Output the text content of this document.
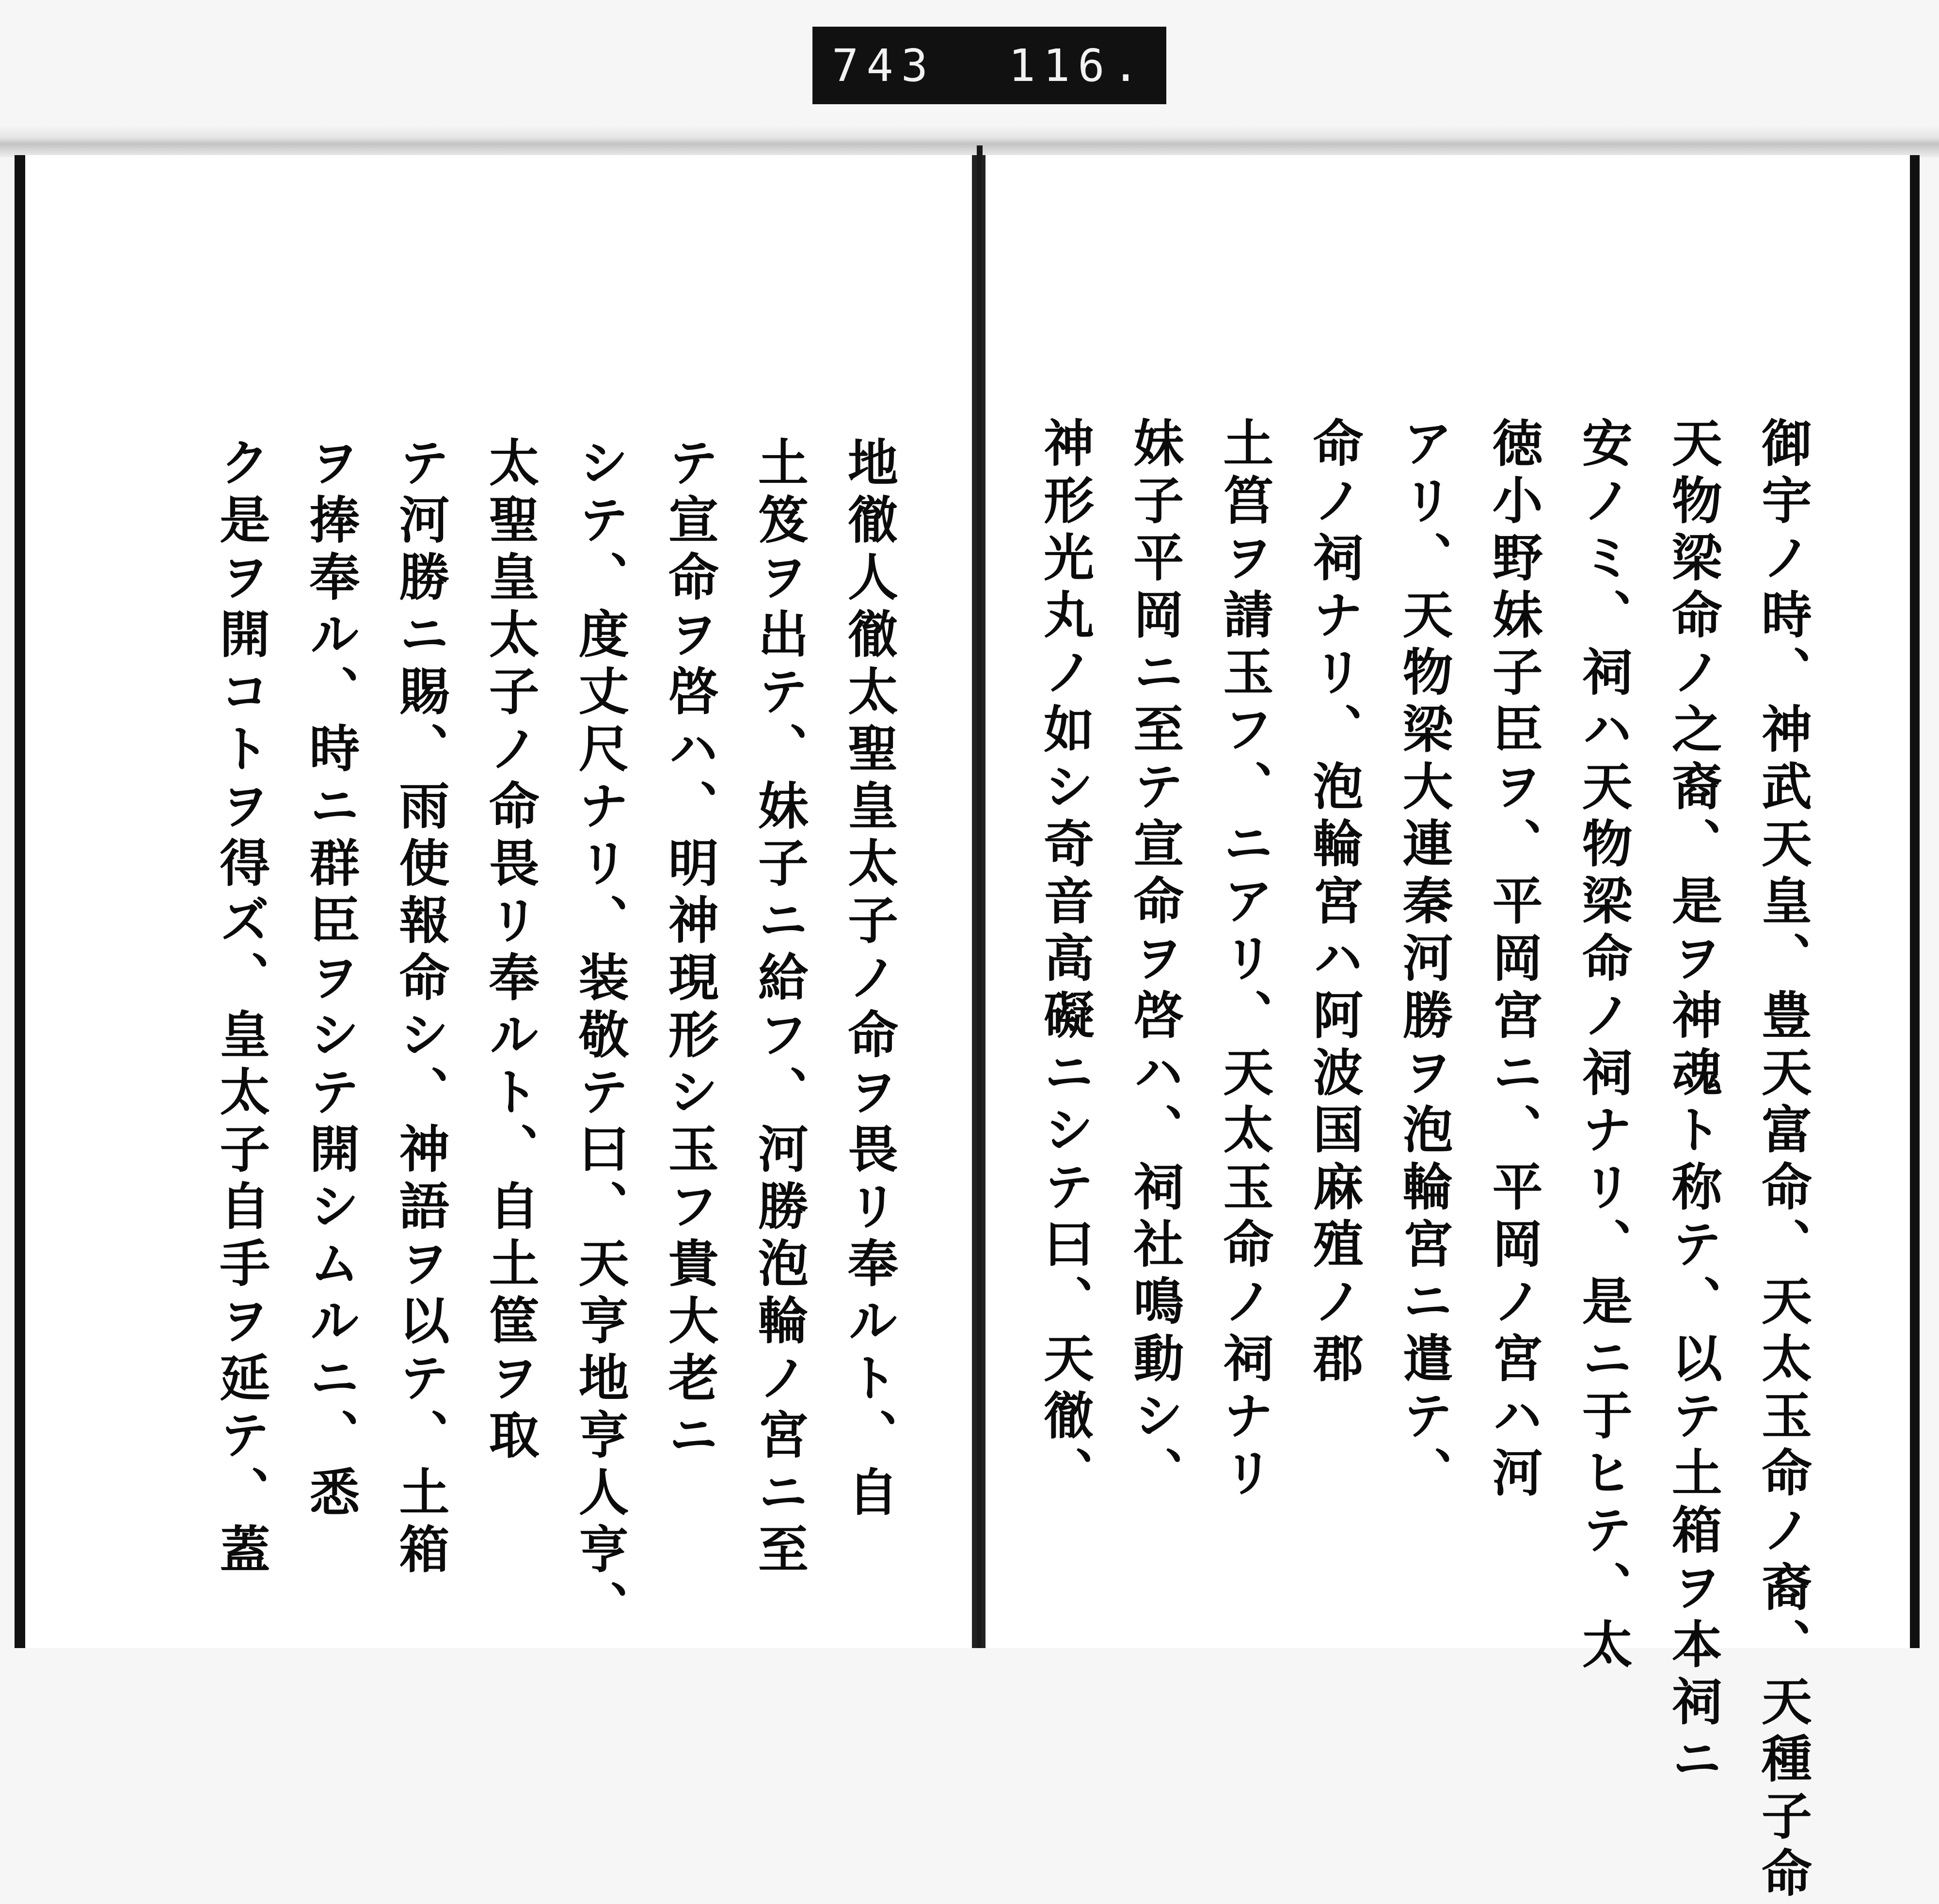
743 116.
地徹人徹太聖皇太子ノ命ヲ畏リ奉ルト、自
土笈ヲ出テ、妹子ニ給フ、河勝泡輪ノ宮ニ至
テ宣命ヲ啓ハ、明神現形シ玉フ貴大老ニ
シテ、度丈尺ナリ、装敬テ曰、天亨地亨人亨、
太聖皇太子ノ命畏リ奉ルト、自土筐ヲ取
テ河勝ニ賜、雨使報命シ、神語ヲ以テ、土箱
ヲ捧奉ル、時ニ群臣ヲシテ開シムルニ、悉
ク是ヲ開コトヲ得ズ、皇太子自手ヲ延テ、蓋	御宇ノ時、神武天皇、豊天富命、天太玉命ノ裔、天種子命
天物梁命ノ之裔、是ヲ神魂ト称テ、以テ土箱ヲ本祠ニ
安ノミ、祠ハ天物梁命ノ祠ナリ、是ニ于ヒテ、太
徳小野妹子臣ヲ、平岡宮ニ、平岡ノ宮ハ河
アリ、天物梁大連秦河勝ヲ泡輪宮ニ遣テ、
命ノ祠ナリ、泡輪宮ハ阿波国麻殖ノ郡
土筥ヲ請玉フ、ニアリ、天太玉命ノ祠ナリ
妹子平岡ニ至テ宣命ヲ啓ハ、祠社鳴動シ、
神形光丸ノ如シ奇音高礙ニシテ曰、天徹、
